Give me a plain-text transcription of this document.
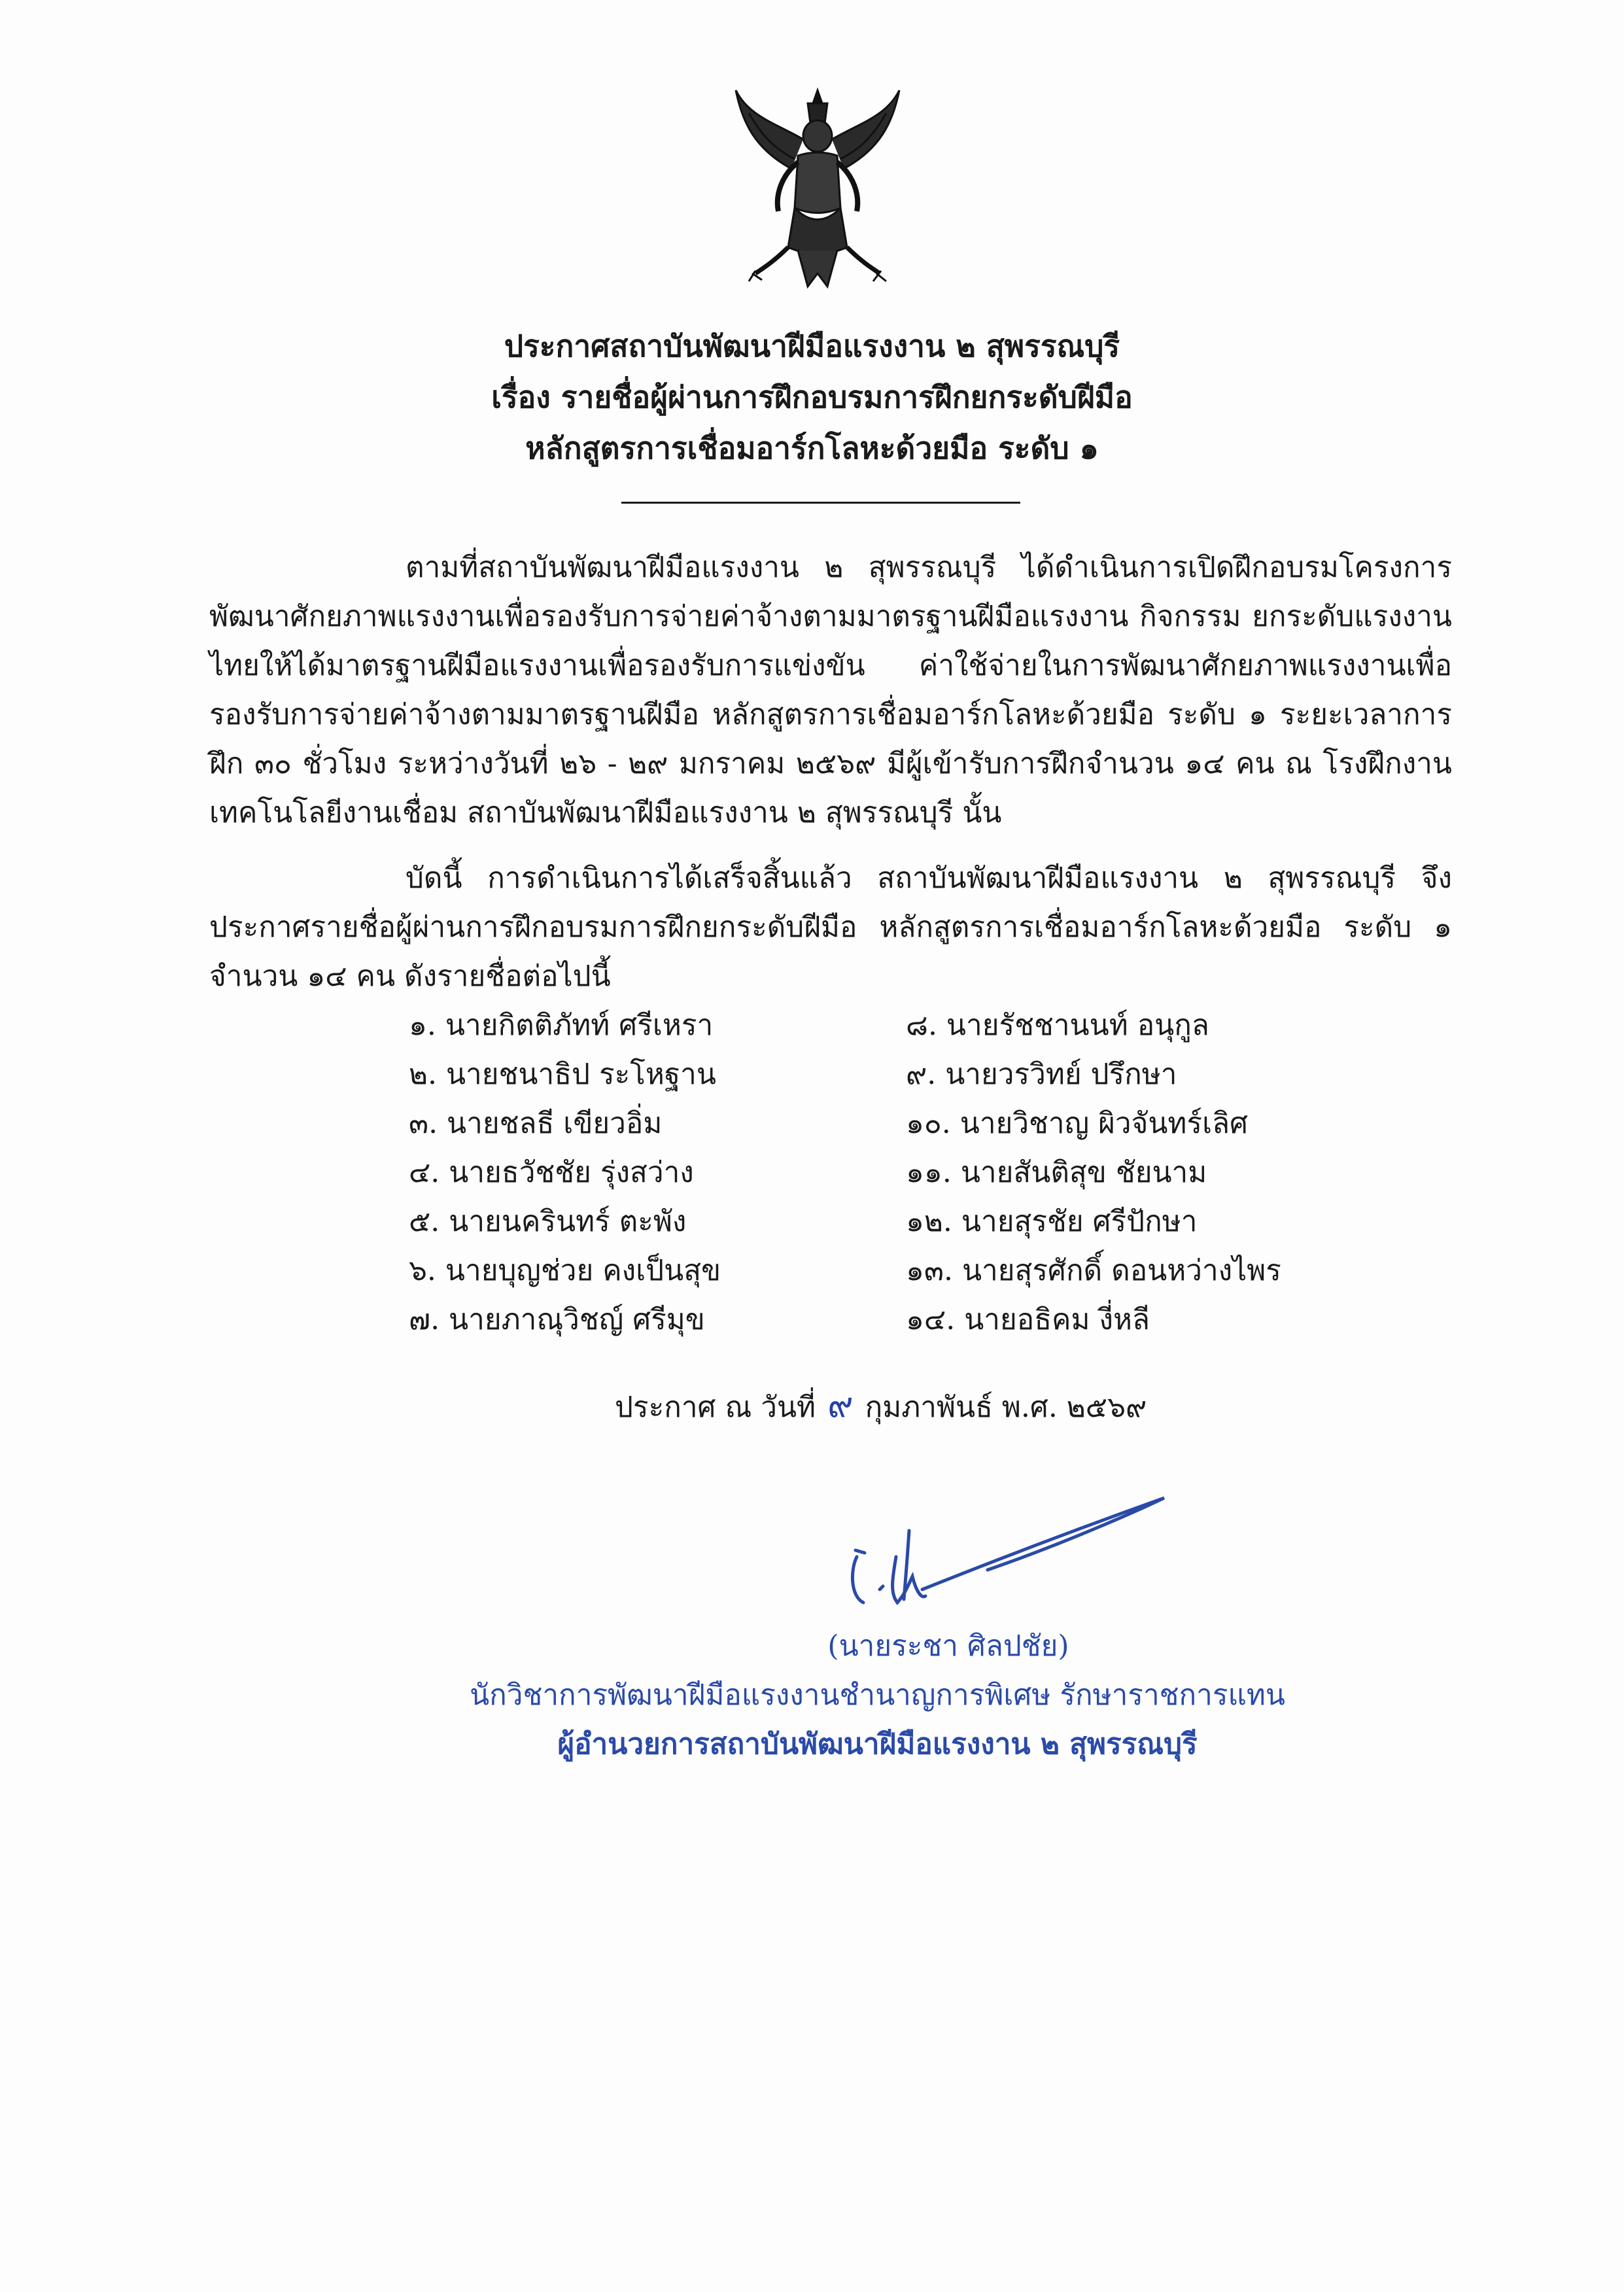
ประกาศสถาบันพัฒนาฝีมือแรงงาน ๒ สุพรรณบุรี
เรื่อง รายชื่อผู้ผ่านการฝึกอบรมการฝึกยกระดับฝีมือ
หลักสูตรการเชื่อมอาร์กโลหะด้วยมือ ระดับ ๑

ตามที่สถาบันพัฒนาฝีมือแรงงาน ๒ สุพรรณบุรี ได้ดำเนินการเปิดฝึกอบรมโครงการพัฒนาศักยภาพแรงงานเพื่อรองรับการจ่ายค่าจ้างตามมาตรฐานฝีมือแรงงาน กิจกรรม ยกระดับแรงงานไทยให้ได้มาตรฐานฝีมือแรงงานเพื่อรองรับการแข่งขัน ค่าใช้จ่ายในการพัฒนาศักยภาพแรงงานเพื่อรองรับการจ่ายค่าจ้างตามมาตรฐานฝีมือ หลักสูตรการเชื่อมอาร์กโลหะด้วยมือ ระดับ ๑ ระยะเวลาการฝึก ๓๐ ชั่วโมง ระหว่างวันที่ ๒๖ - ๒๙ มกราคม ๒๕๖๙ มีผู้เข้ารับการฝึกจำนวน ๑๔ คน ณ โรงฝึกงานเทคโนโลยีงานเชื่อม สถาบันพัฒนาฝีมือแรงงาน ๒ สุพรรณบุรี นั้น

บัดนี้ การดำเนินการได้เสร็จสิ้นแล้ว สถาบันพัฒนาฝีมือแรงงาน ๒ สุพรรณบุรี จึงประกาศรายชื่อผู้ผ่านการฝึกอบรมการฝึกยกระดับฝีมือ หลักสูตรการเชื่อมอาร์กโลหะด้วยมือ ระดับ ๑ จำนวน ๑๔ คน ดังรายชื่อต่อไปนี้

๑. นายกิตติภัทท์ ศรีเหรา
๒. นายชนาธิป ระโหฐาน
๓. นายชลธี เขียวอิ่ม
๔. นายธวัชชัย รุ่งสว่าง
๕. นายนครินทร์ ตะพัง
๖. นายบุญช่วย คงเป็นสุข
๗. นายภาณุวิชญ์ ศรีมุข
๘. นายรัชชานนท์ อนุกูล
๙. นายวรวิทย์ ปรึกษา
๑๐. นายวิชาญ ผิวจันทร์เลิศ
๑๑. นายสันติสุข ชัยนาม
๑๒. นายสุรชัย ศรีปักษา
๑๓. นายสุรศักดิ์ ดอนหว่างไพร
๑๔. นายอธิคม งี่หลี
ประกาศ ณ วันที่ ๙ กุมภาพันธ์ พ.ศ. ๒๕๖๙
(นายระชา ศิลปชัย)
นักวิชาการพัฒนาฝีมือแรงงานชำนาญการพิเศษ รักษาราชการแทน
ผู้อำนวยการสถาบันพัฒนาฝีมือแรงงาน ๒ สุพรรณบุรี
